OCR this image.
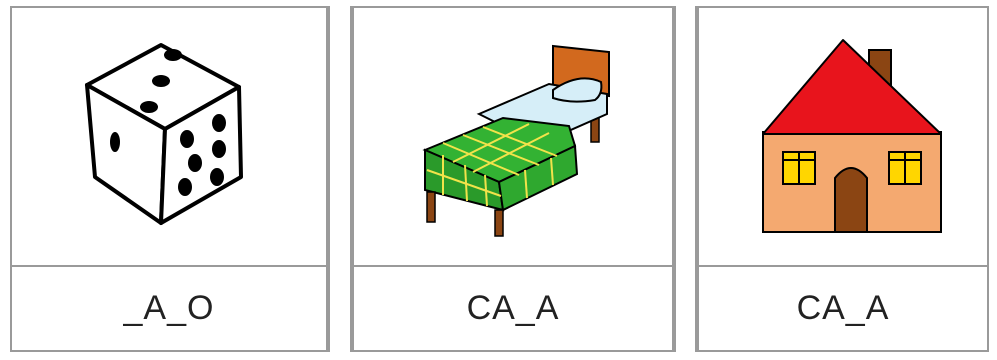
_A_O	CA_A	CA_A
